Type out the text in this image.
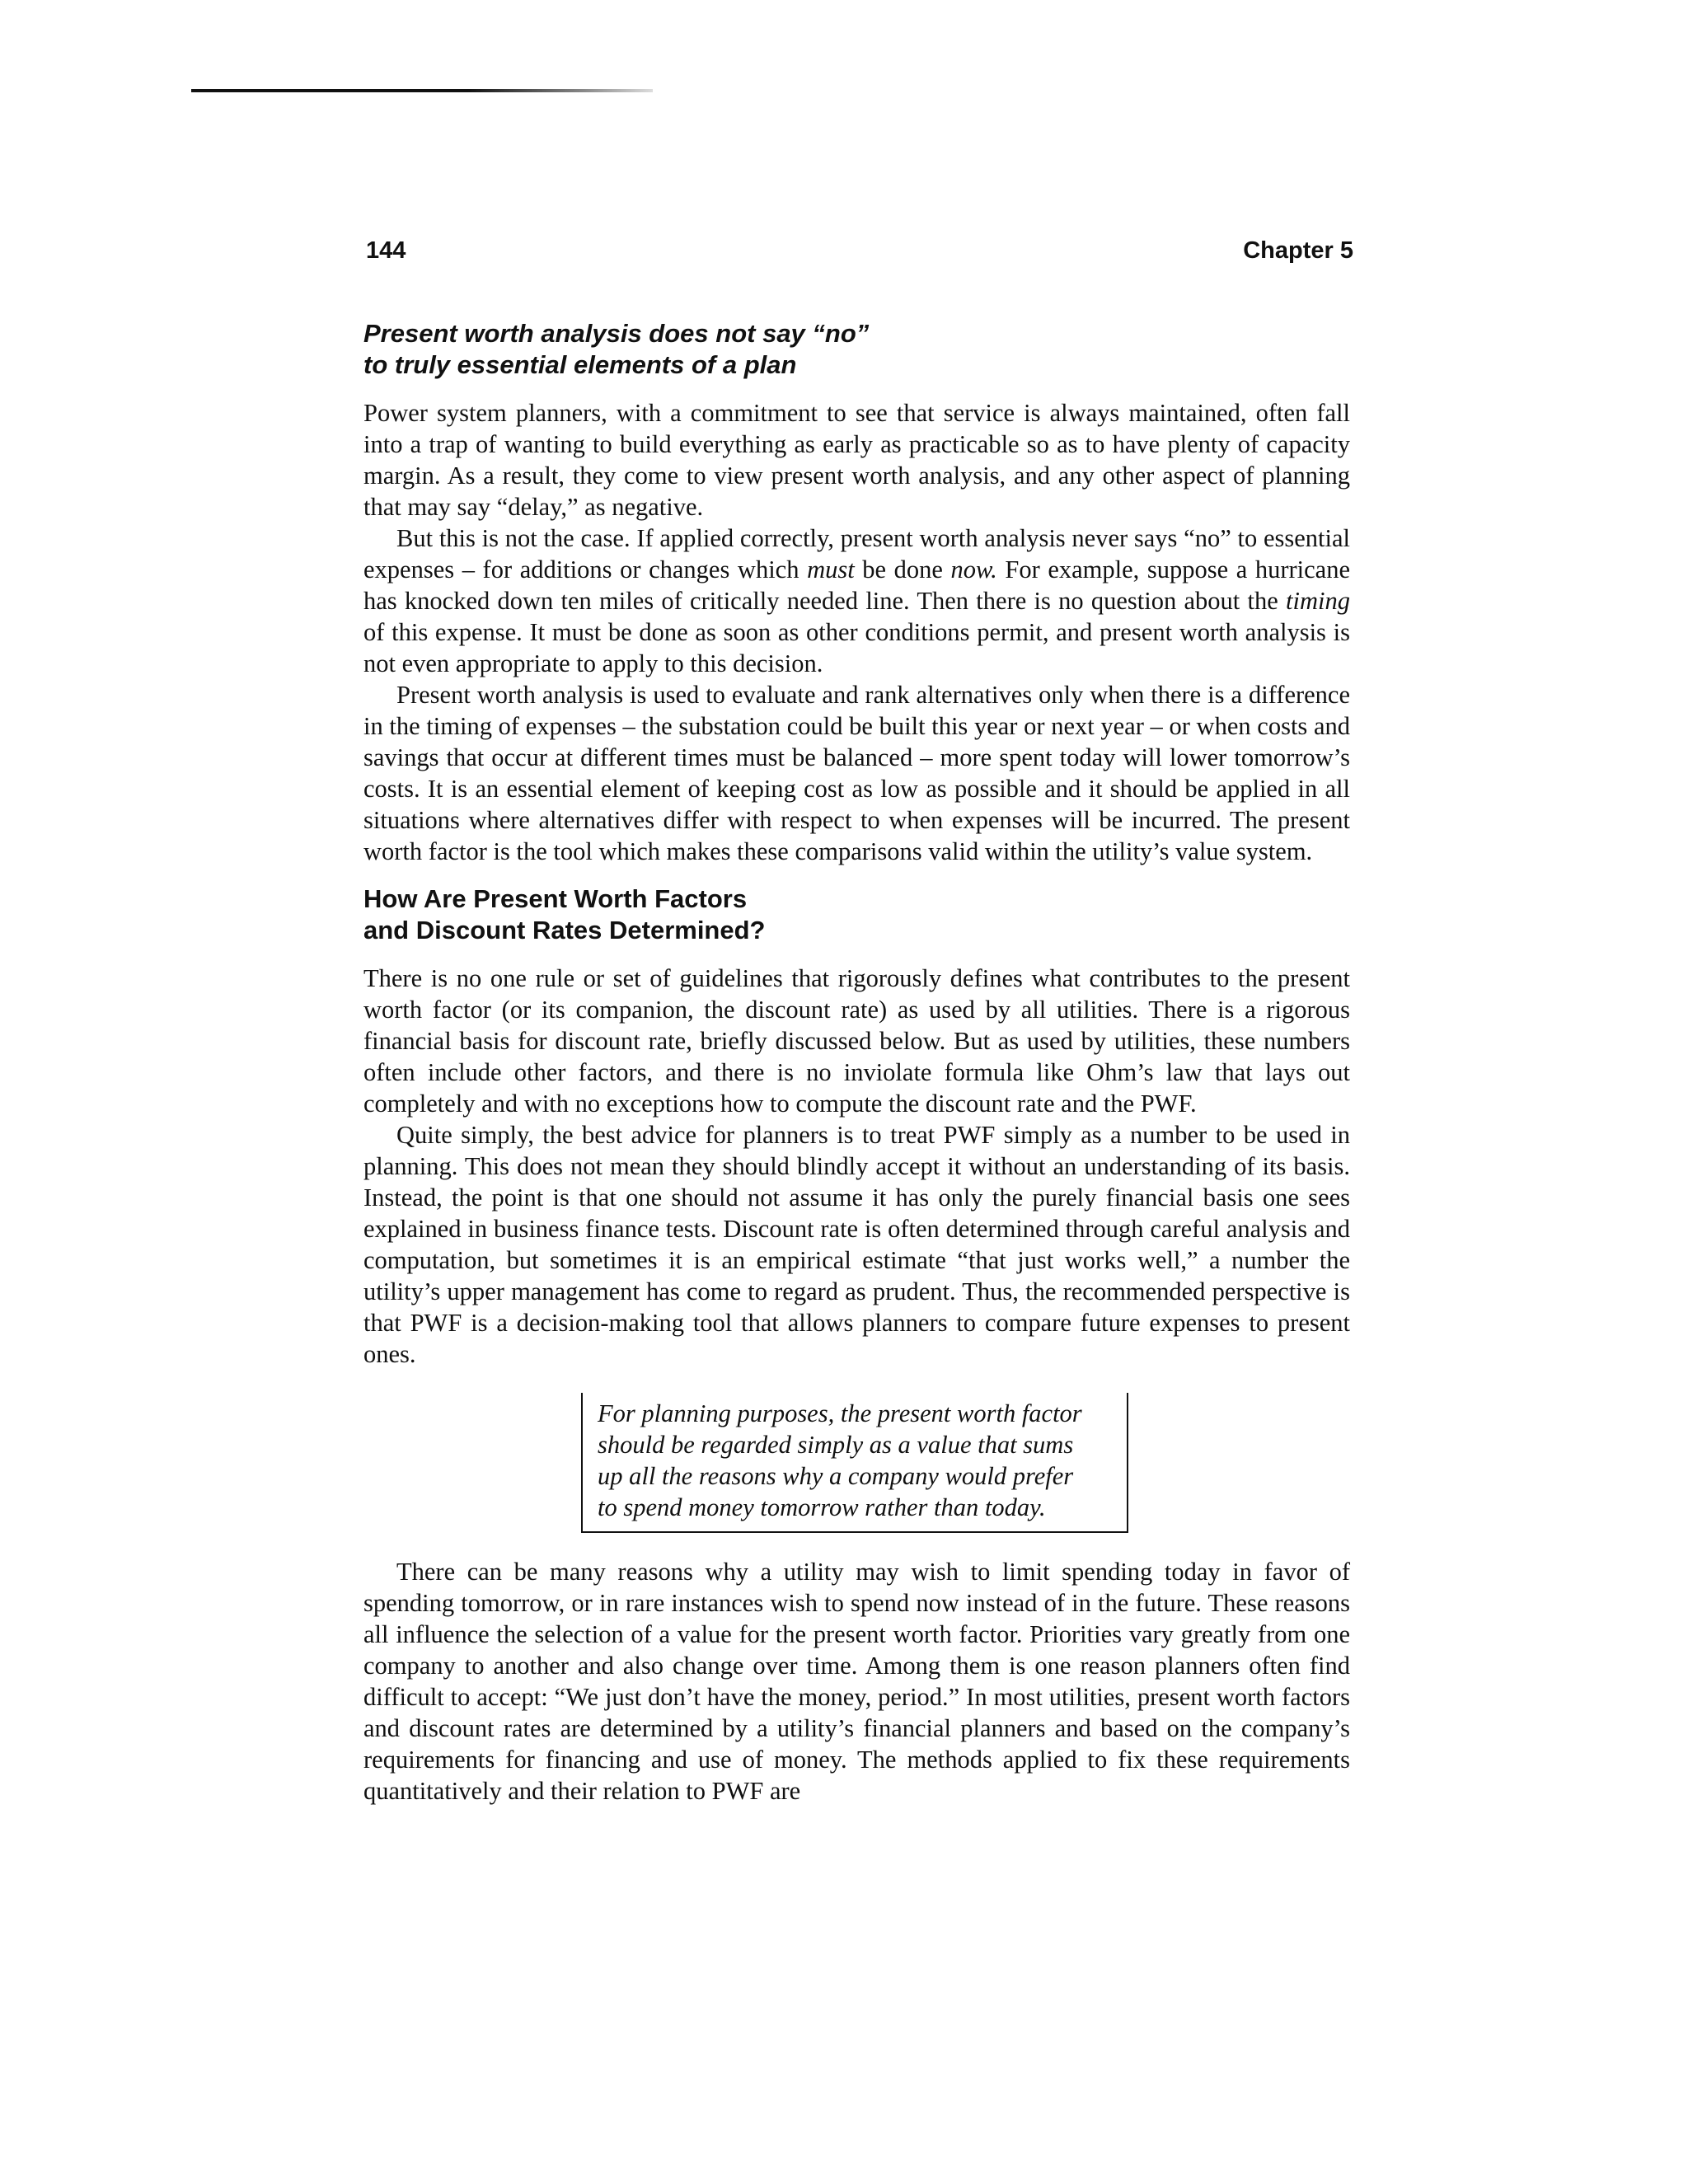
144	Chapter 5
Present worth analysis does not say “no”
to truly essential elements of a plan

Power system planners, with a commitment to see that service is always maintained, often fall into a trap of wanting to build everything as early as practicable so as to have plenty of capacity margin. As a result, they come to view present worth analysis, and any other aspect of planning that may say “delay,” as negative.

But this is not the case. If applied correctly, present worth analysis never says “no” to essential expenses – for additions or changes which must be done now. For example, suppose a hurricane has knocked down ten miles of critically needed line. Then there is no question about the timing of this expense. It must be done as soon as other conditions permit, and present worth analysis is not even appropriate to apply to this decision.

Present worth analysis is used to evaluate and rank alternatives only when there is a difference in the timing of expenses – the substation could be built this year or next year – or when costs and savings that occur at different times must be balanced – more spent today will lower tomorrow’s costs. It is an essential element of keeping cost as low as possible and it should be applied in all situations where alternatives differ with respect to when expenses will be incurred. The present worth factor is the tool which makes these comparisons valid within the utility’s value system.

How Are Present Worth Factors
and Discount Rates Determined?

There is no one rule or set of guidelines that rigorously defines what contributes to the present worth factor (or its companion, the discount rate) as used by all utilities. There is a rigorous financial basis for discount rate, briefly discussed below. But as used by utilities, these numbers often include other factors, and there is no inviolate formula like Ohm’s law that lays out completely and with no exceptions how to compute the discount rate and the PWF.

Quite simply, the best advice for planners is to treat PWF simply as a number to be used in planning. This does not mean they should blindly accept it without an understanding of its basis. Instead, the point is that one should not assume it has only the purely financial basis one sees explained in business finance tests. Discount rate is often determined through careful analysis and computation, but sometimes it is an empirical estimate “that just works well,” a number the utility’s upper management has come to regard as prudent. Thus, the recommended perspective is that PWF is a decision-making tool that allows planners to compare future expenses to present ones.

For planning purposes, the present worth factor
should be regarded simply as a value that sums
up all the reasons why a company would prefer
to spend money tomorrow rather than today.

There can be many reasons why a utility may wish to limit spending today in favor of spending tomorrow, or in rare instances wish to spend now instead of in the future. These reasons all influence the selection of a value for the present worth factor. Priorities vary greatly from one company to another and also change over time. Among them is one reason planners often find difficult to accept: “We just don’t have the money, period.” In most utilities, present worth factors and discount rates are determined by a utility’s financial planners and based on the company’s requirements for financing and use of money. The methods applied to fix these requirements quantitatively and their relation to PWF are
